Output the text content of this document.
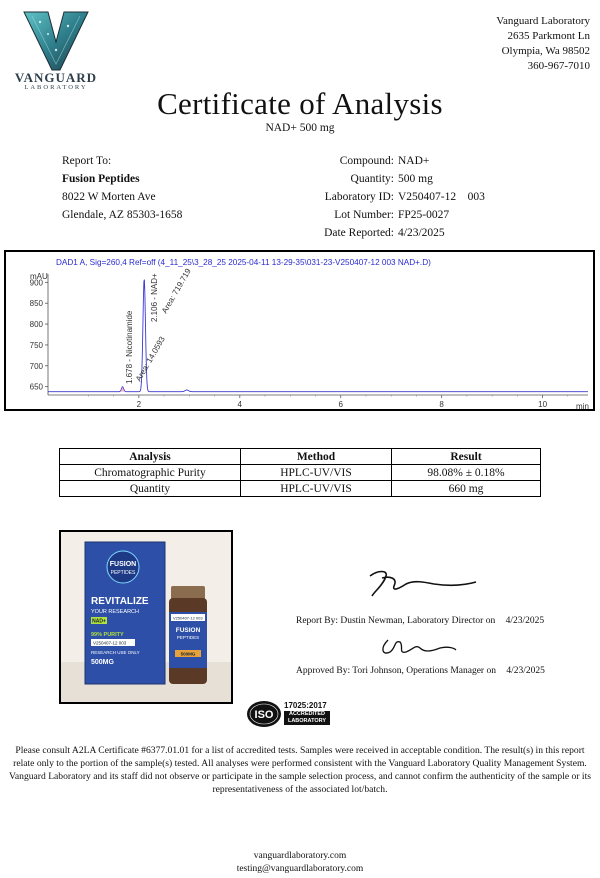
VANGUARD
LABORATORY
Vanguard Laboratory
2635 Parkmont Ln
Olympia, Wa 98502
360-967-7010
Certificate of Analysis
NAD+ 500 mg
Report To:
Fusion Peptides
8022 W Morten Ave
Glendale, AZ 85303-1658
Compound: NAD+
Quantity: 500 mg
Laboratory ID: V250407-12    003
Lot Number: FP25-0027
Date Reported: 4/23/2025
DAD1 A, Sig=260,4 Ref=off (4_11_25\3_28_25 2025-04-11 13-29-35\031-23-V250407-12 003 NAD+.D)
mAU
900
850
800
750
700
650
2	4	6	8	10	min
1.678 - Nicotinamide
2.106 - NAD+ Area: 719.719
Area: 14.0593
Analysis	Method	Result
Chromatographic Purity	HPLC-UV/VIS	98.08% ± 0.18%
Quantity	HPLC-UV/VIS	660 mg
FUSION
PEPTIDES
REVITALIZE
YOUR RESEARCH
NAD+
99% PURITY
V250407-12 003
RESEARCH USE ONLY
500MG
V250407-12 003
FUSION
PEPTIDES
500MG
Report By: Dustin Newman, Laboratory Director on 4/23/2025
Approved By: Tori Johnson, Operations Manager on 4/23/2025
ISO
17025:2017
ACCREDITED
LABORATORY
Please consult A2LA Certificate #6377.01.01 for a list of accredited tests. Samples were received in acceptable condition. The result(s) in this report relate only to the portion of the sample(s) tested. All analyses were performed consistent with the Vanguard Laboratory Quality Management System. Vanguard Laboratory and its staff did not observe or participate in the sample selection process, and cannot confirm the authenticity of the sample or its representativeness of the associated lot/batch.
vanguardlaboratory.com
testing@vanguardlaboratory.com
